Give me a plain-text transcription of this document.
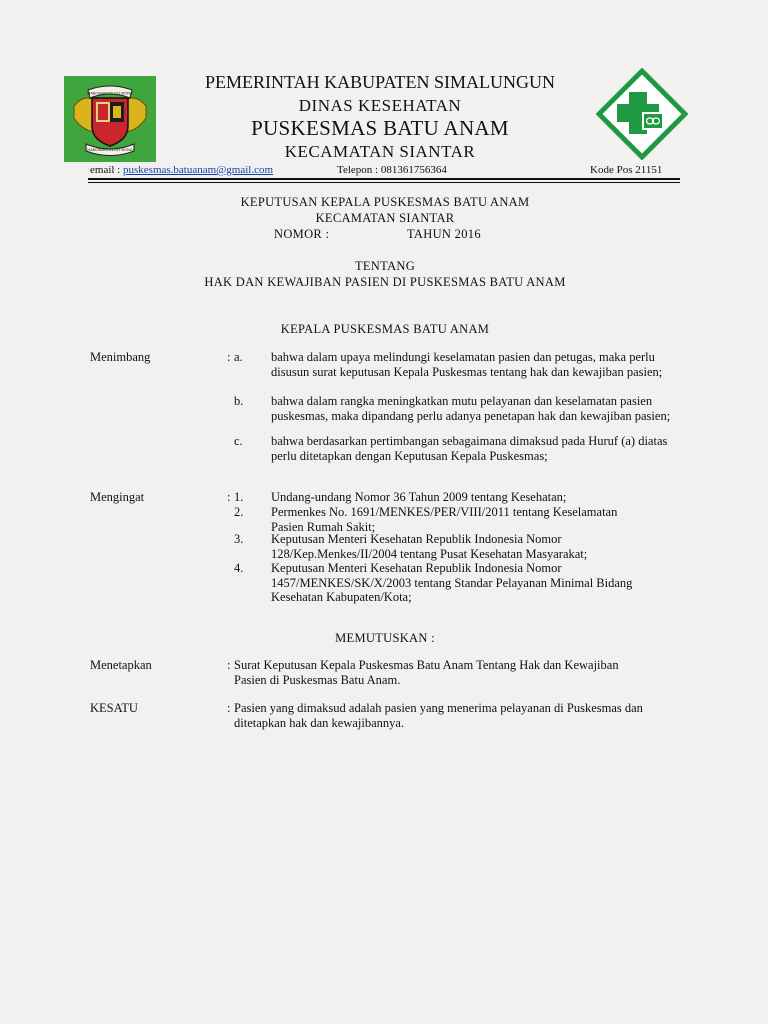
HABONARON DO BONA
HABONARON DO BONA
PEMERINTAH KABUPATEN SIMALUNGUN
DINAS KESEHATAN
PUSKESMAS BATU ANAM
KECAMATAN SIANTAR
email : puskesmas.batuanam@gmail.com	Telepon : 081361756364	Kode Pos 21151
KEPUTUSAN KEPALA PUSKESMAS BATU ANAM
KECAMATAN SIANTAR
NOMOR :	TAHUN 2016
TENTANG
HAK DAN KEWAJIBAN PASIEN DI PUSKESMAS BATU ANAM
KEPALA PUSKESMAS BATU ANAM
Menimbang	: a. bahwa dalam upaya melindungi keselamatan pasien dan petugas, maka perlu disusun surat keputusan Kepala Puskesmas tentang hak dan kewajiban pasien;
b. bahwa dalam rangka meningkatkan mutu pelayanan dan keselamatan pasien puskesmas, maka dipandang perlu adanya penetapan hak dan kewajiban pasien;
c. bahwa berdasarkan pertimbangan sebagaimana dimaksud pada Huruf (a) diatas perlu ditetapkan dengan Keputusan Kepala Puskesmas;
Mengingat	: 1. Undang-undang Nomor 36 Tahun 2009 tentang Kesehatan;
2. Permenkes No. 1691/MENKES/PER/VIII/2011 tentang Keselamatan Pasien Rumah Sakit;
3. Keputusan Menteri Kesehatan Republik Indonesia Nomor 128/Kep.Menkes/II/2004 tentang Pusat Kesehatan Masyarakat;
4. Keputusan Menteri Kesehatan Republik Indonesia Nomor 1457/MENKES/SK/X/2003 tentang Standar Pelayanan Minimal Bidang Kesehatan Kabupaten/Kota;
MEMUTUSKAN :
Menetapkan	: Surat Keputusan Kepala Puskesmas Batu Anam Tentang Hak dan Kewajiban Pasien di Puskesmas Batu Anam.
KESATU	: Pasien yang dimaksud adalah pasien yang menerima pelayanan di Puskesmas dan ditetapkan hak dan kewajibannya.
